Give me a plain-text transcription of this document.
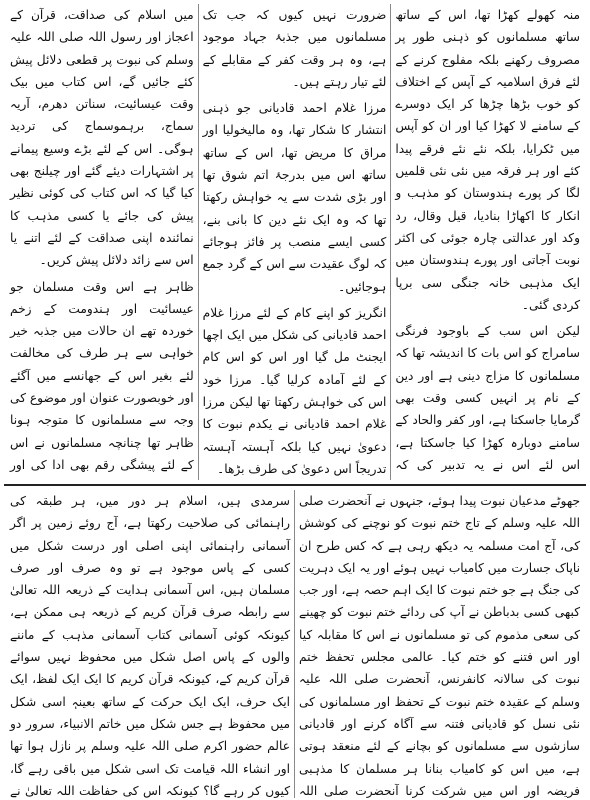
منہ کھولے کھڑا تھا، اس کے ساتھ ساتھ مسلمانوں کو ذہنی طور پر مصروف رکھنے بلکہ مفلوج کرنے کے لئے فرق اسلامیہ کے آپس کے اختلاف کو خوب بڑھا چڑھا کر ایک دوسرے کے سامنے لا کھڑا کیا اور ان کو آپس میں ٹکرایا، بلکہ نئے نئے فرقے پیدا کئے اور ہر فرقہ میں نئی نئی قلمیں لگا کر پورے ہندوستان کو مذہب و انکار کا اکھاڑا بنادیا، قیل وقال، رد وکد اور عدالتی چارہ جوئی کی اکثر نوبت آجاتی اور پورے ہندوستان میں ایک مذہبی خانہ جنگی سی برپا کردی گئی۔

لیکن اس سب کے باوجود فرنگی سامراج کو اس بات کا اندیشہ تھا کہ مسلمانوں کا مزاج دینی ہے اور دین کے نام پر انہیں کسی وقت بھی گرمایا جاسکتا ہے، اور کفر والحاد کے سامنے دوبارہ کھڑا کیا جاسکتا ہے، اس لئے اس نے یہ تدبیر کی کہ

ضرورت نہیں کیوں کہ جب تک مسلمانوں میں جذبۂ جہاد موجود ہے، وہ ہر وقت کفر کے مقابلے کے لئے تیار رہتے ہیں۔

مرزا غلام احمد قادیانی جو ذہنی انتشار کا شکار تھا، وہ مالیخولیا اور مراق کا مریض تھا، اس کے ساتھ ساتھ اس میں بدرجۂ اتم شوق تھا اور بڑی شدت سے یہ خواہش رکھتا تھا کہ وہ ایک نئے دین کا بانی بنے، کسی ایسے منصب پر فائز ہوجائے کہ لوگ عقیدت سے اس کے گرد جمع ہوجائیں۔

انگریز کو اپنے کام کے لئے مرزا غلام احمد قادیانی کی شکل میں ایک اچھا ایجنٹ مل گیا اور اس کو اس کام کے لئے آمادہ کرلیا گیا۔ مرزا خود اس کی خواہش رکھتا تھا لیکن مرزا غلام احمد قادیانی نے یکدم نبوت کا دعویٰ نہیں کیا بلکہ آہستہ آہستہ تدریجاً اس دعویٰ کی طرف بڑھا۔

میں اسلام کی صداقت، قرآن کے اعجاز اور رسول اللہ صلی اللہ علیہ وسلم کی نبوت پر قطعی دلائل پیش کئے جائیں گے، اس کتاب میں بیک وقت عیسائیت، سناتن دھرم، آریہ سماج، برہموسماج کی تردید ہوگی۔ اس کے لئے بڑے وسیع پیمانے پر اشتہارات دیئے گئے اور چیلنج بھی کیا گیا کہ اس کتاب کی کوئی نظیر پیش کی جائے یا کسی مذہب کا نمائندہ اپنی صداقت کے لئے اتنے یا اس سے زائد دلائل پیش کریں۔

ظاہر ہے اس وقت مسلمان جو عیسائیت اور ہندومت کے زخم خوردہ تھے ان حالات میں جذبہ خیر خواہی سے ہر طرف کی مخالفت لئے بغیر اس کے جھانسے میں آگئے اور خوبصورت عنوان اور موضوع کی وجہ سے مسلمانوں کا متوجہ ہونا ظاہر تھا چنانچہ مسلمانوں نے اس کے لئے پیشگی رقم بھی ادا کی اور

جھوٹے مدعیان نبوت پیدا ہوئے، جنہوں نے آنحضرت صلی اللہ علیہ وسلم کے تاج ختم نبوت کو نوچنے کی کوشش کی، آج امت مسلمہ یہ دیکھ رہی ہے کہ کس طرح ان ناپاک جسارت میں کامیاب نہیں ہوئے اور یہ ایک دہریت کی جنگ ہے جو ختم نبوت کا ایک اہم حصہ ہے، اور جب کبھی کسی بدباطن نے آپ کی ردائے ختم نبوت کو چھینے کی سعی مذموم کی تو مسلمانوں نے اس کا مقابلہ کیا اور اس فتنے کو ختم کیا۔ عالمی مجلس تحفظ ختم نبوت کی سالانہ کانفرنس، آنحضرت صلی اللہ علیہ وسلم کے عقیدہ ختم نبوت کے تحفظ اور مسلمانوں کی نئی نسل کو قادیانی فتنہ سے آگاہ کرنے اور قادیانی سازشوں سے مسلمانوں کو بچانے کے لئے منعقد ہوتی ہے، میں اس کو کامیاب بنانا ہر مسلمان کا مذہبی فریضہ اور اس میں شرکت کرنا آنحضرت صلی اللہ

سرمدی ہیں، اسلام ہر دور میں، ہر طبقہ کی راہنمائی کی صلاحیت رکھتا ہے، آج روئے زمین پر اگر آسمانی راہنمائی اپنی اصلی اور درست شکل میں کسی کے پاس موجود ہے تو وہ صرف اور صرف مسلمان ہیں، اس آسمانی ہدایت کے ذریعہ اللہ تعالیٰ سے رابطہ صرف قرآن کریم کے ذریعہ ہی ممکن ہے، کیونکہ کوئی آسمانی کتاب آسمانی مذہب کے ماننے والوں کے پاس اصل شکل میں محفوظ نہیں سوائے قرآن کریم کے، کیونکہ قرآن کریم کا ایک ایک لفظ، ایک ایک حرف، ایک ایک حرکت کے ساتھ بعینہٖ اسی شکل میں محفوظ ہے جس شکل میں خاتم الانبیاء، سرور دو عالم حضور اکرم صلی اللہ علیہ وسلم پر نازل ہوا تھا اور انشاء اللہ قیامت تک اسی شکل میں باقی رہے گا، کیوں کر رہے گا؟ کیونکہ اس کی حفاظت اللہ تعالیٰ نے
